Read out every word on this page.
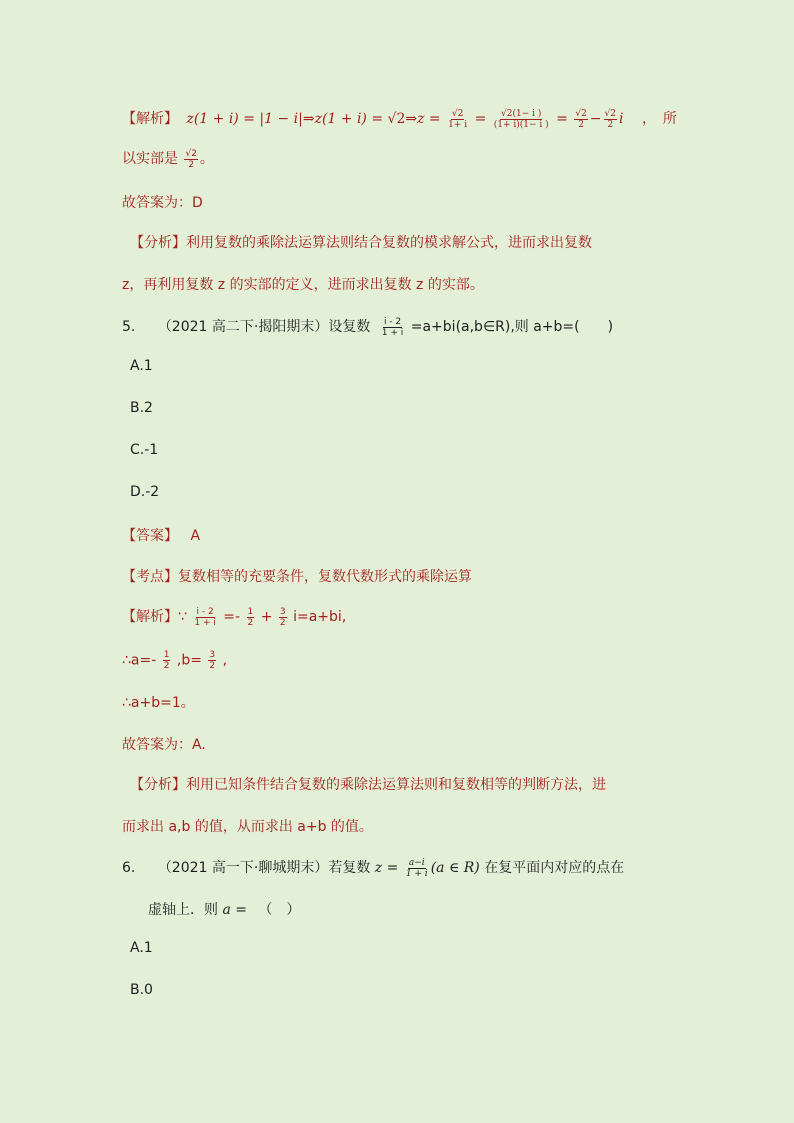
【解析】 z(1 + i) = |1 − i|⇒z(1 + i) = √2⇒z = $\frac{√2}{1+ i} = \frac{√2(1- i )}{(1+ i)(1- i )} = \frac{√2}{2} - \frac{√2}{2}$ i ，　所
以实部是 $\frac{√2}{2}$ 。
故答案为：D
【分析】利用复数的乘除法运算法则结合复数的模求解公式，进而求出复数
z，再利用复数 z 的实部的定义，进而求出复数 z 的实部。
5. （2021 高二下·揭阳期末）设复数 $\frac{i - 2}{1 + i}$ =a+bi(a,b∈R),则 a+b=(　　)
A.1
B.2
C.-1
D.-2
【答案】 A
【考点】复数相等的充要条件，复数代数形式的乘除运算
【解析】∵ $\frac{i - 2}{1 + i} =- \frac{1}{2} + \frac{3}{2} i=a+bi$,
∴a=- $\frac{1}{2} ,b= \frac{3}{2}$ ,
∴a+b=1。
故答案为：A.
【分析】利用已知条件结合复数的乘除法运算法则和复数相等的判断方法，进
而求出 a,b 的值，从而求出 a+b 的值。
6. （2021 高一下·聊城期末）若复数 $z = \frac{a-i}{1 + i} (a$ ∈ R) 在复平面内对应的点在
虚轴上．则 a = 　（　）
A.1
B.0
